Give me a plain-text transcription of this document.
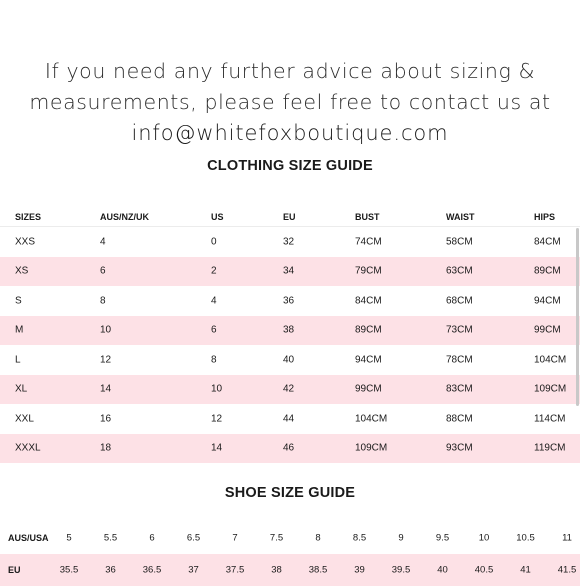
If you need any further advice about sizing &
measurements, please feel free to contact us at
info@whitefoxboutique.com
CLOTHING SIZE GUIDE
SIZES	AUS/NZ/UK	US	EU	BUST	WAIST	HIPS
XXS	4	0	32	74CM	58CM	84CM
XS	6	2	34	79CM	63CM	89CM
S	8	4	36	84CM	68CM	94CM
M	10	6	38	89CM	73CM	99CM
L	12	8	40	94CM	78CM	104CM
XL	14	10	42	99CM	83CM	109CM
XXL	16	12	44	104CM	88CM	114CM
XXXL	18	14	46	109CM	93CM	119CM
SHOE SIZE GUIDE
AUS/USA 5	5.5	6	6.5	7	7.5	8	8.5	9	9.5	10	10.5	11
EU	35.5	36	36.5	37	37.5	38	38.5	39	39.5	40	40.5	41	41.5
